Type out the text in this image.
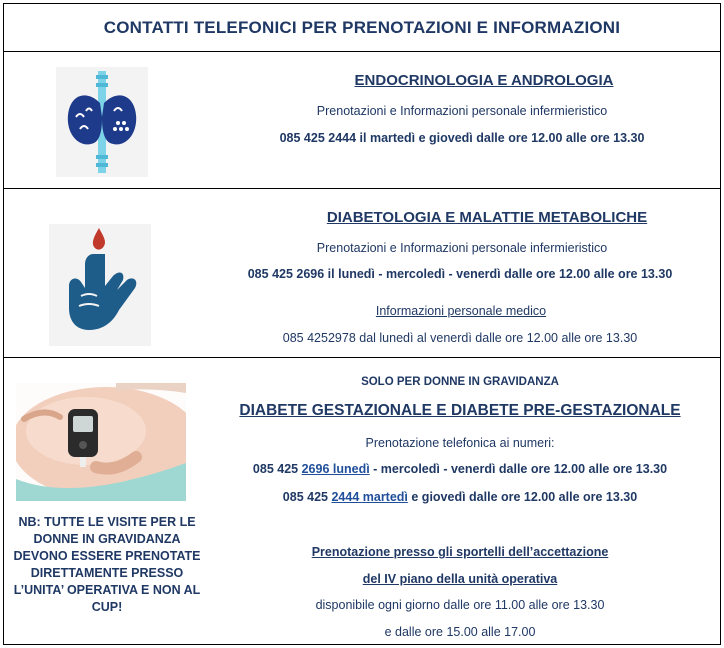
CONTATTI TELEFONICI PER PRENOTAZIONI E INFORMAZIONI
ENDOCRINOLOGIA E ANDROLOGIA
Prenotazioni e Informazioni personale infermieristico
085 425 2444 il martedì e giovedì dalle ore 12.00 alle ore 13.30
DIABETOLOGIA E MALATTIE METABOLICHE
Prenotazioni e Informazioni personale infermieristico
085 425 2696 il lunedì - mercoledì - venerdì dalle ore 12.00 alle ore 13.30
Informazioni personale medico
085 4252978 dal lunedì al venerdì dalle ore 12.00 alle ore 13.30
NB: TUTTE LE VISITE PER LE DONNE IN GRAVIDANZA DEVONO ESSERE PRENOTATE DIRETTAMENTE PRESSO L’UNITA’ OPERATIVA E NON AL CUP!
SOLO PER DONNE IN GRAVIDANZA
DIABETE GESTAZIONALE E DIABETE PRE-GESTAZIONALE
Prenotazione telefonica ai numeri:
085 425 2696 lunedì - mercoledì - venerdì dalle ore 12.00 alle ore 13.30
085 425 2444 martedì e giovedì dalle ore 12.00 alle ore 13.30
Prenotazione presso gli sportelli dell’accettazione
del IV piano della unità operativa
disponibile ogni giorno dalle ore 11.00 alle ore 13.30
e dalle ore 15.00 alle 17.00
